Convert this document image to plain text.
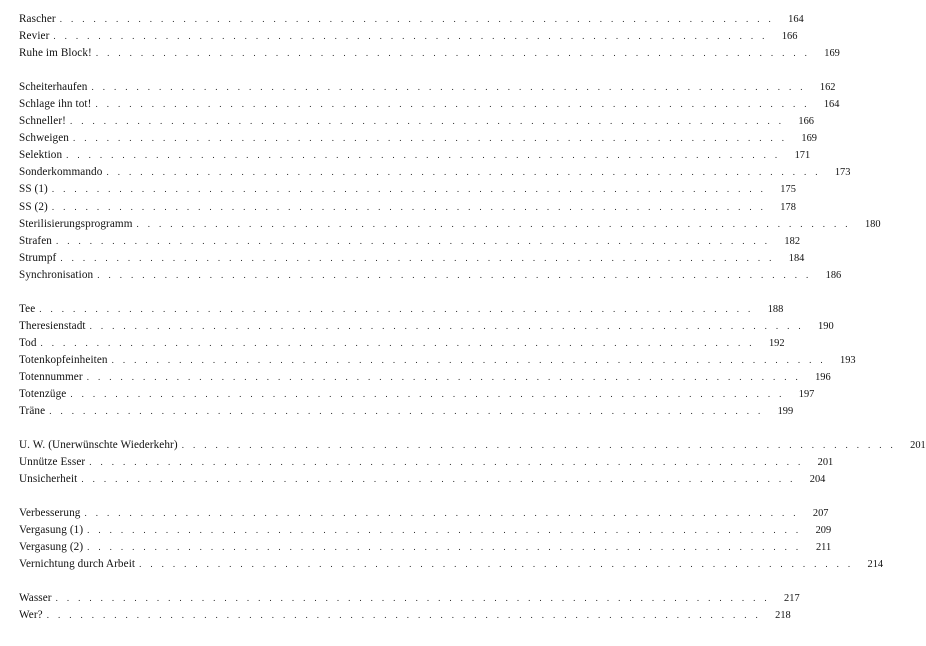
Rascher ................................................................ 164
Revier ................................................................ 166
Ruhe im Block! ................................................................ 169
Scheiterhaufen ................................................................ 162
Schlage ihn tot! ................................................................ 164
Schneller! ................................................................ 166
Schweigen ................................................................ 169
Selektion ................................................................ 171
Sonderkommando ................................................................ 173
SS (1) ................................................................ 175
SS (2) ................................................................ 178
Sterilisierungsprogramm ................................................................ 180
Strafen ................................................................ 182
Strumpf ................................................................ 184
Synchronisation ................................................................ 186
Tee ................................................................ 188
Theresienstadt ................................................................ 190
Tod ................................................................ 192
Totenkopfeinheiten ................................................................ 193
Totennummer ................................................................ 196
Totenzüge ................................................................ 197
Träne ................................................................ 199
U. W. (Unerwünschte Wiederkehr) ................................................................ 201
Unnütze Esser ................................................................ 201
Unsicherheit ................................................................ 204
Verbesserung ................................................................ 207
Vergasung (1) ................................................................ 209
Vergasung (2) ................................................................ 211
Vernichtung durch Arbeit ................................................................ 214
Wasser ................................................................ 217
Wer? ................................................................ 218
